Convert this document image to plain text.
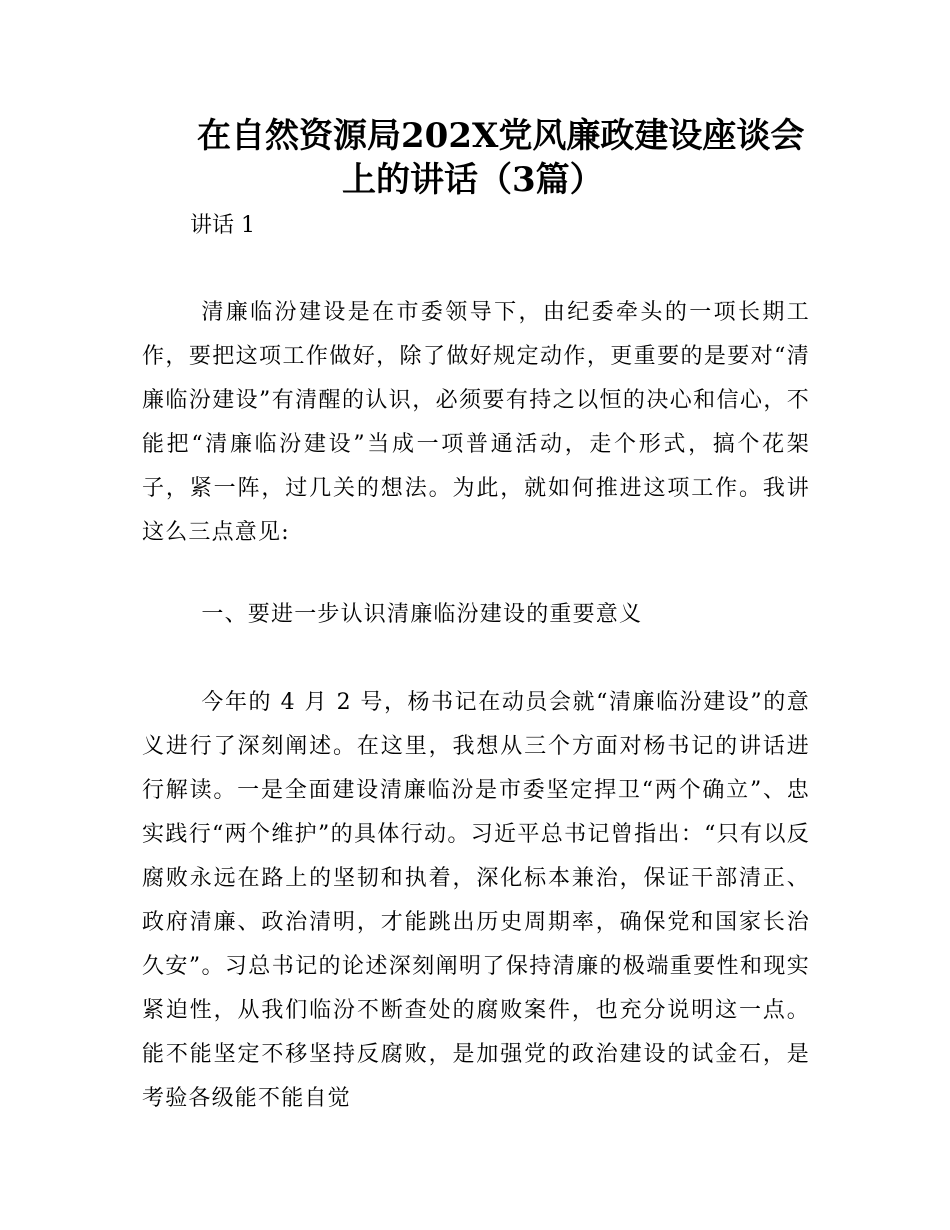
在自然资源局202X党风廉政建设座谈会
上的讲话（3篇）

讲话 1

清廉临汾建设是在市委领导下，由纪委牵头的一项长期工作，要把这项工作做好，除了做好规定动作，更重要的是要对“清廉临汾建设”有清醒的认识，必须要有持之以恒的决心和信心，不能把“清廉临汾建设”当成一项普通活动，走个形式，搞个花架子，紧一阵，过几关的想法。为此，就如何推进这项工作。我讲这么三点意见:

一、要进一步认识清廉临汾建设的重要意义

今年的 4 月 2 号，杨书记在动员会就“清廉临汾建设”的意义进行了深刻阐述。在这里，我想从三个方面对杨书记的讲话进行解读。一是全面建设清廉临汾是市委坚定捍卫“两个确立”、忠实践行“两个维护”的具体行动。习近平总书记曾指出：“只有以反腐败永远在路上的坚韧和执着，深化标本兼治，保证干部清正、政府清廉、政治清明，才能跳出历史周期率，确保党和国家长治久安”。习总书记的论述深刻阐明了保持清廉的极端重要性和现实紧迫性，从我们临汾不断查处的腐败案件，也充分说明这一点。能不能坚定不移坚持反腐败，是加强党的政治建设的试金石，是考验各级能不能自觉
